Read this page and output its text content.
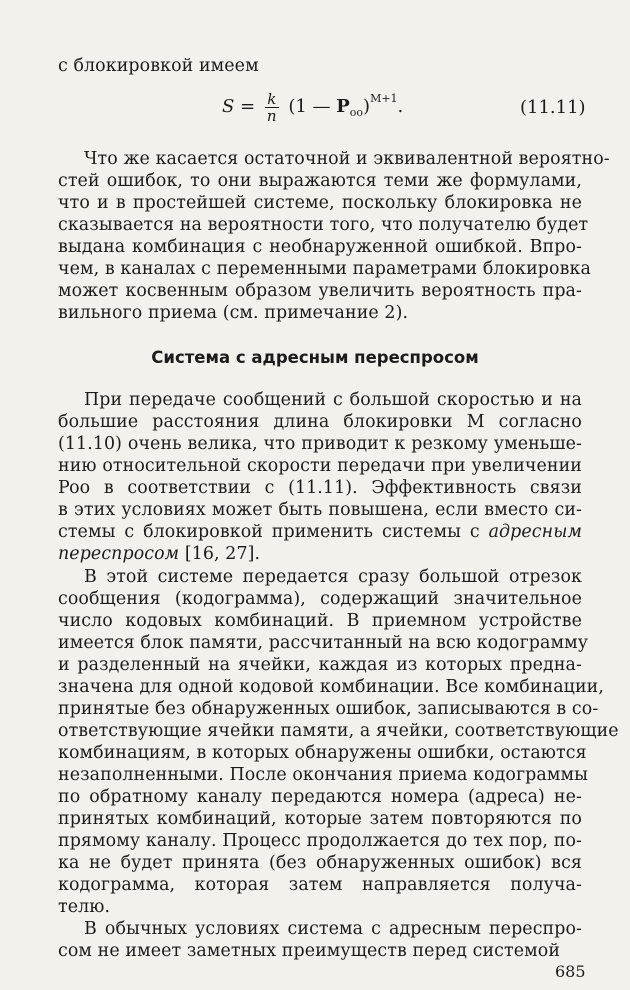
с блокировкой имеем
$S = \frac{k}{n} (1$ — $P_{oo})^{M+1}$.	(11.11)
Что же касается остаточной и эквивалентной вероятно-
стей ошибок, то они выражаются теми же формулами,
что и в простейшей системе, поскольку блокировка не
сказывается на вероятности того, что получателю будет
выдана комбинация с необнаруженной ошибкой. Впро-
чем, в каналах с переменными параметрами блокировка
может косвенным образом увеличить вероятность пра-
вильного приема (см. примечание 2).
Система с адресным переспросом
При передаче сообщений с большой скоростью и на
большие расстояния длина блокировки M согласно
(11.10) очень велика, что приводит к резкому уменьше-
нию относительной скорости передачи при увеличении
Poo в соответствии с (11.11). Эффективность связи
в этих условиях может быть повышена, если вместо си-
стемы с блокировкой применить системы с адресным
переспросом [16, 27].
В этой системе передается сразу большой отрезок
сообщения (кодограмма), содержащий значительное
число кодовых комбинаций. В приемном устройстве
имеется блок памяти, рассчитанный на всю кодограмму
и разделенный на ячейки, каждая из которых предна-
значена для одной кодовой комбинации. Все комбинации,
принятые без обнаруженных ошибок, записываются в со-
ответствующие ячейки памяти, а ячейки, соответствующие
комбинациям, в которых обнаружены ошибки, остаются
незаполненными. После окончания приема кодограммы
по обратному каналу передаются номера (адреса) не-
принятых комбинаций, которые затем повторяются по
прямому каналу. Процесс продолжается до тех пор, по-
ка не будет принята (без обнаруженных ошибок) вся
кодограмма, которая затем направляется получа-
телю.
В обычных условиях система с адресным переспро-
сом не имеет заметных преимуществ перед системой
685
